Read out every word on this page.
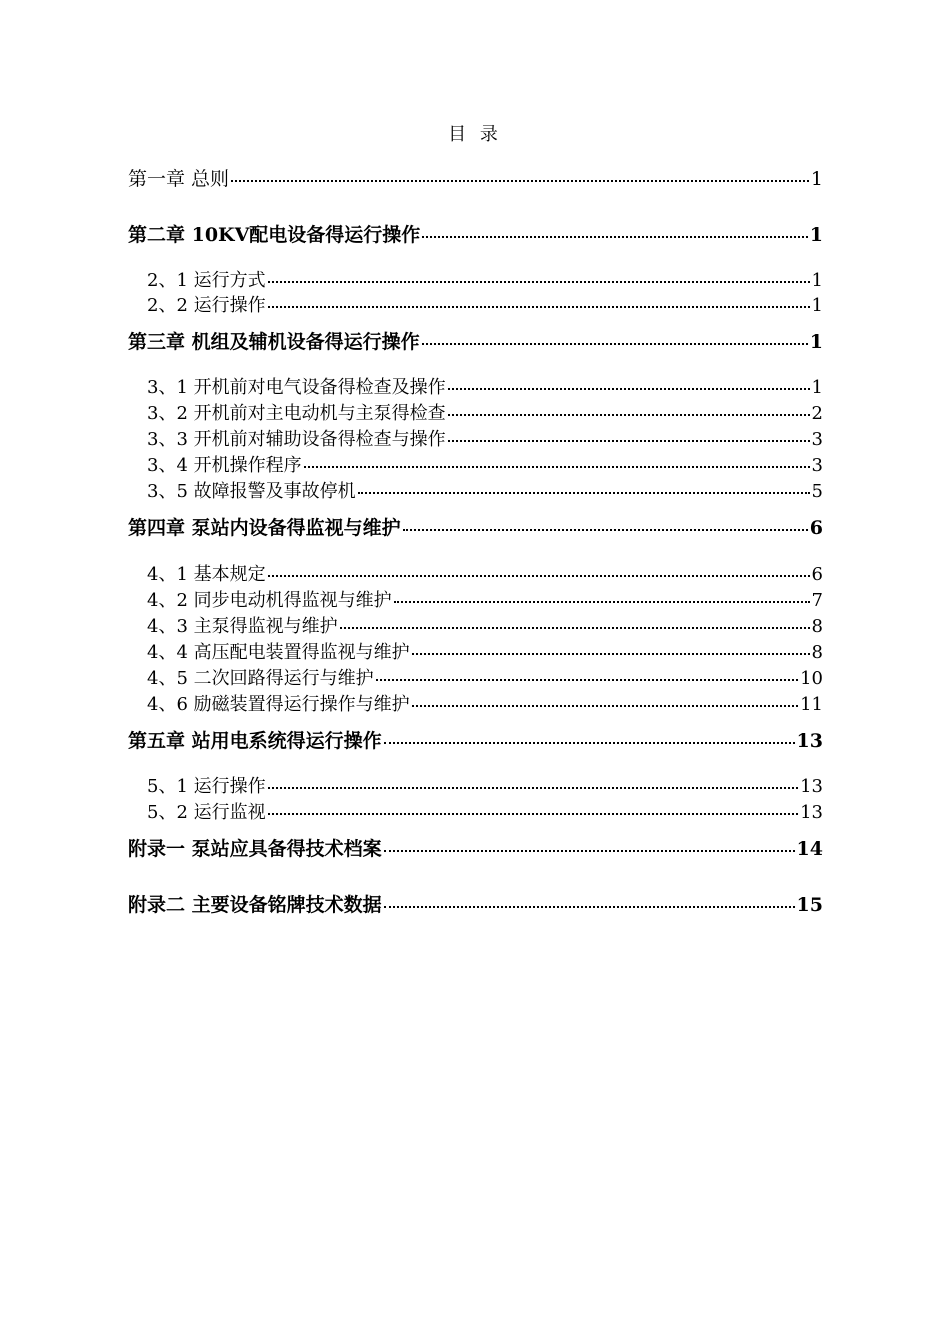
目 录
第一章 总则	1
第二章 10KV配电设备得运行操作	1
2、1 运行方式	1
2、2 运行操作	1
第三章 机组及辅机设备得运行操作	1
3、1 开机前对电气设备得检查及操作	1
3、2 开机前对主电动机与主泵得检查	2
3、3 开机前对辅助设备得检查与操作	3
3、4 开机操作程序	3
3、5 故障报警及事故停机	5
第四章 泵站内设备得监视与维护	6
4、1 基本规定	6
4、2 同步电动机得监视与维护	7
4、3 主泵得监视与维护	8
4、4 高压配电装置得监视与维护	8
4、5 二次回路得运行与维护	10
4、6 励磁装置得运行操作与维护	11
第五章 站用电系统得运行操作	13
5、1 运行操作	13
5、2 运行监视	13
附录一 泵站应具备得技术档案	14
附录二 主要设备铭牌技术数据	15
